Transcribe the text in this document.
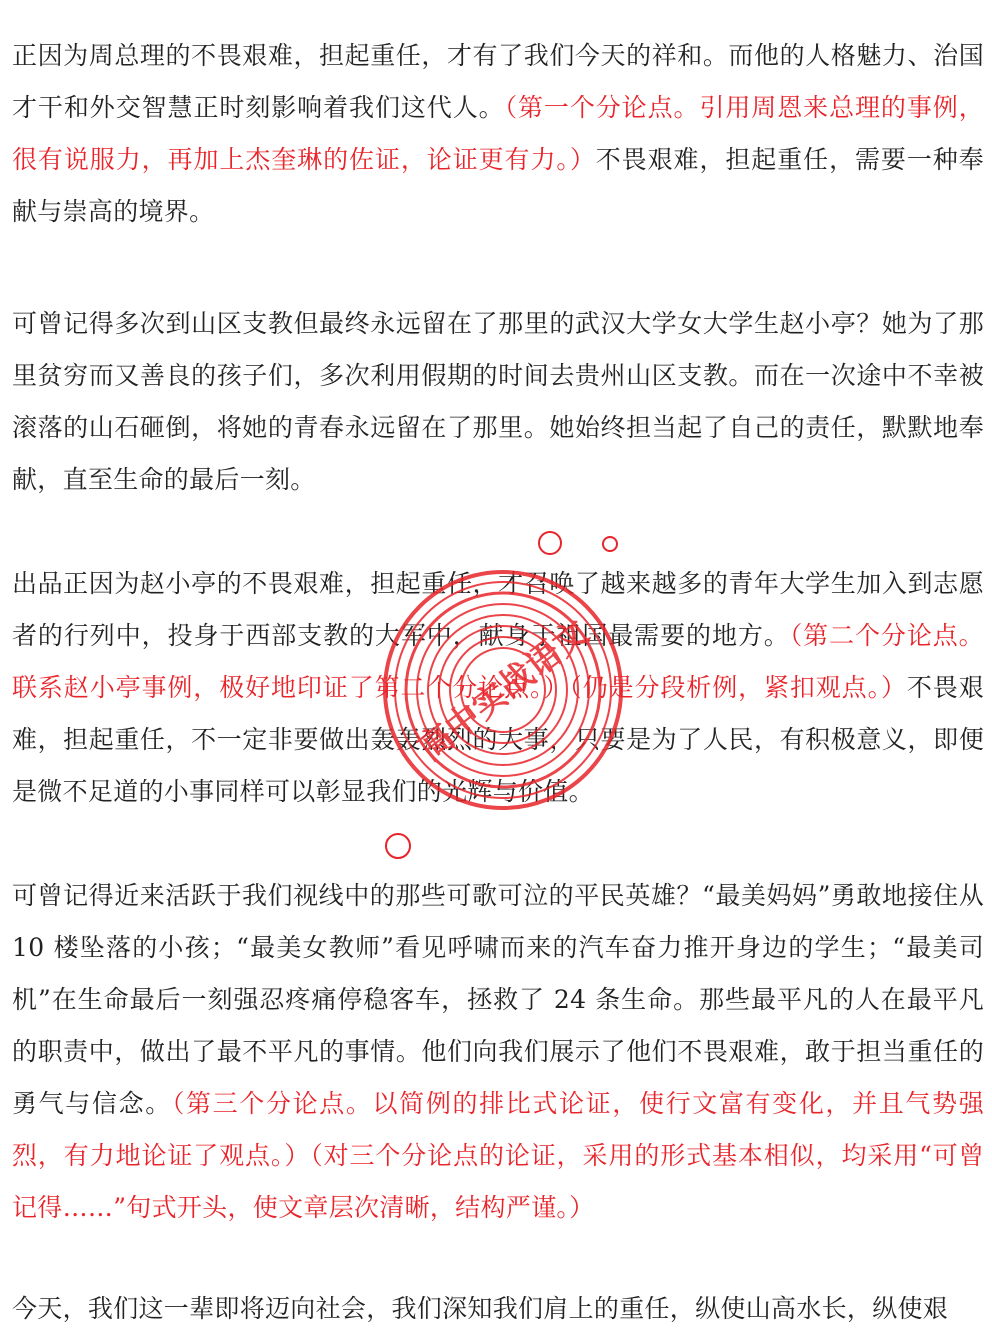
正因为周总理的不畏艰难，担起重任，才有了我们今天的祥和。而他的人格魅力、治国才干和外交智慧正时刻影响着我们这代人。（第一个分论点。引用周恩来总理的事例，很有说服力，再加上杰奎琳的佐证，论证更有力。）不畏艰难，担起重任，需要一种奉献与崇高的境界。

可曾记得多次到山区支教但最终永远留在了那里的武汉大学女大学生赵小亭？她为了那里贫穷而又善良的孩子们，多次利用假期的时间去贵州山区支教。而在一次途中不幸被滚落的山石砸倒，将她的青春永远留在了那里。她始终担当起了自己的责任，默默地奉献，直至生命的最后一刻。

出品正因为赵小亭的不畏艰难，担起重任，才召唤了越来越多的青年大学生加入到志愿者的行列中，投身于西部支教的大军中，献身于祖国最需要的地方。（第二个分论点。联系赵小亭事例，极好地印证了第二个分论点。）（仍是分段析例，紧扣观点。）不畏艰难，担起重任，不一定非要做出轰轰烈烈的大事，只要是为了人民，有积极意义，即便是微不足道的小事同样可以彰显我们的光辉与价值。

可曾记得近来活跃于我们视线中的那些可歌可泣的平民英雄？“最美妈妈”勇敢地接住从 10 楼坠落的小孩；“最美女教师”看见呼啸而来的汽车奋力推开身边的学生；“最美司机”在生命最后一刻强忍疼痛停稳客车，拯救了 24 条生命。那些最平凡的人在最平凡的职责中，做出了最不平凡的事情。他们向我们展示了他们不畏艰难，敢于担当重任的勇气与信念。（第三个分论点。以简例的排比式论证，使行文富有变化，并且气势强烈，有力地论证了观点。）（对三个分论点的论证，采用的形式基本相似，均采用“可曾记得……”句式开头，使文章层次清晰，结构严谨。）

今天，我们这一辈即将迈向社会，我们深知我们肩上的重任，纵使山高水长，纵使艰

高中实战语文
